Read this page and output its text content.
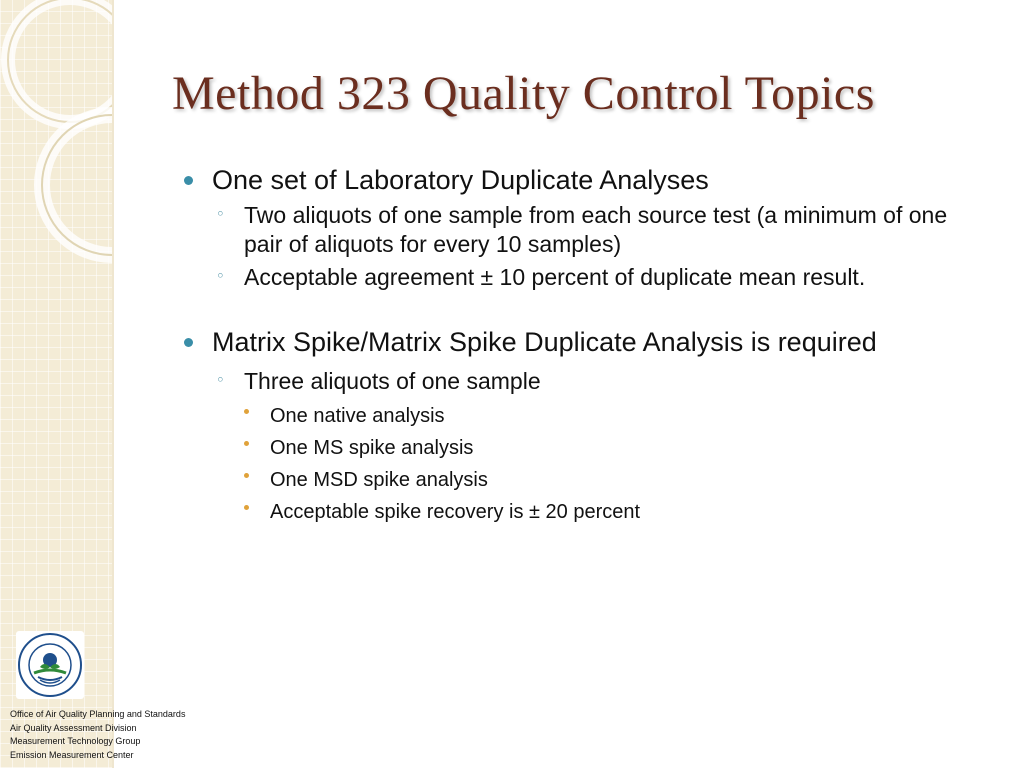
Office of Air Quality Planning and Standards
Air Quality Assessment Division
Measurement Technology Group
Emission Measurement Center
Method 323 Quality Control Topics
One set of Laboratory Duplicate Analyses
◦ Two aliquots of one sample from each source test (a minimum of one pair of aliquots for every 10 samples)
◦ Acceptable agreement ± 10 percent of duplicate mean result.
Matrix Spike/Matrix Spike Duplicate Analysis is required
◦ Three aliquots of one sample
One native analysis
One MS spike analysis
One MSD spike analysis
Acceptable spike recovery is ± 20 percent
